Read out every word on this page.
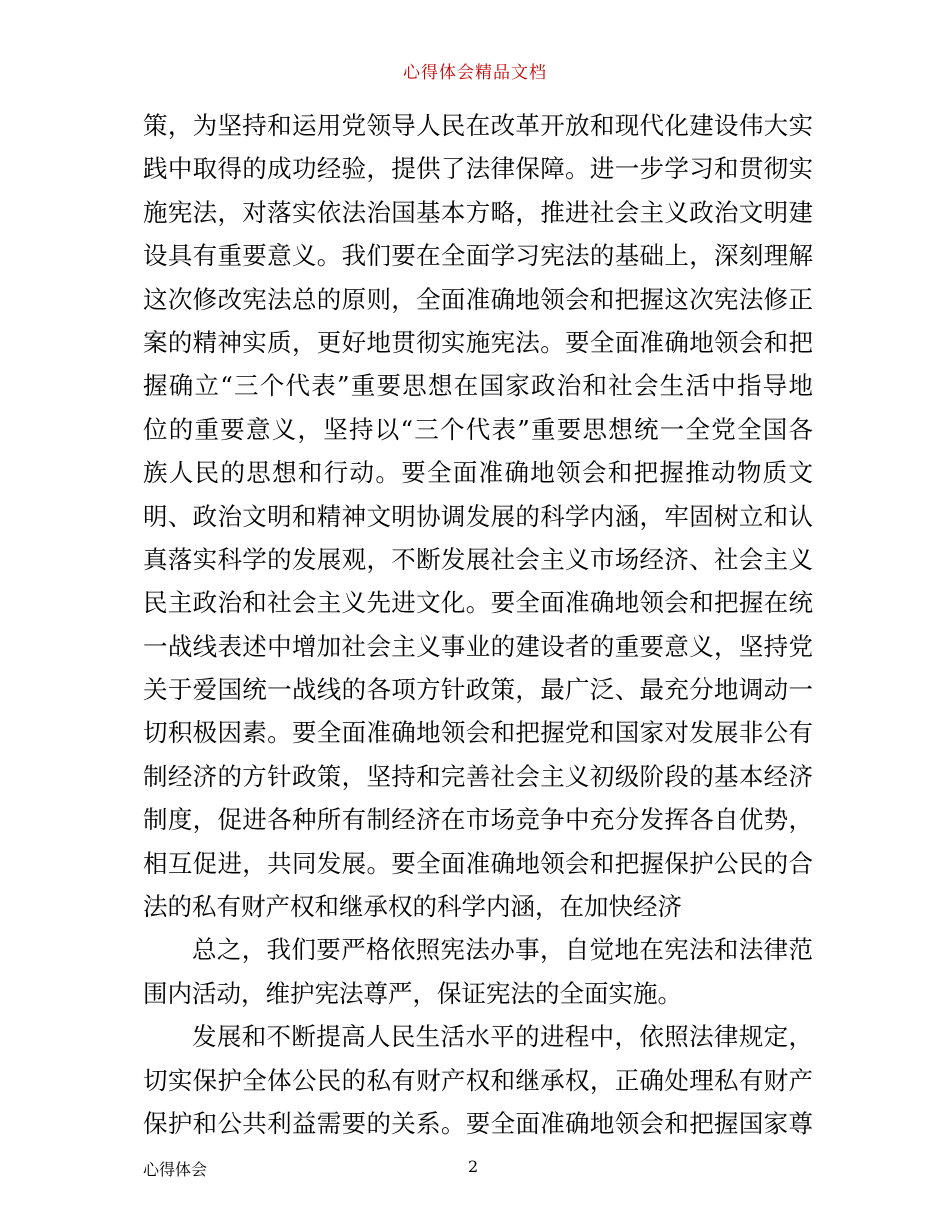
心得体会精品文档
策，为坚持和运用党领导人民在改革开放和现代化建设伟大实
践中取得的成功经验，提供了法律保障。进一步学习和贯彻实
施宪法，对落实依法治国基本方略，推进社会主义政治文明建
设具有重要意义。我们要在全面学习宪法的基础上，深刻理解
这次修改宪法总的原则，全面准确地领会和把握这次宪法修正
案的精神实质，更好地贯彻实施宪法。要全面准确地领会和把
握确立“三个代表”重要思想在国家政治和社会生活中指导地
位的重要意义，坚持以“三个代表”重要思想统一全党全国各
族人民的思想和行动。要全面准确地领会和把握推动物质文
明、政治文明和精神文明协调发展的科学内涵，牢固树立和认
真落实科学的发展观，不断发展社会主义市场经济、社会主义
民主政治和社会主义先进文化。要全面准确地领会和把握在统
一战线表述中增加社会主义事业的建设者的重要意义，坚持党
关于爱国统一战线的各项方针政策，最广泛、最充分地调动一
切积极因素。要全面准确地领会和把握党和国家对发展非公有
制经济的方针政策，坚持和完善社会主义初级阶段的基本经济
制度，促进各种所有制经济在市场竞争中充分发挥各自优势，
相互促进，共同发展。要全面准确地领会和把握保护公民的合
法的私有财产权和继承权的科学内涵，在加快经济
总之，我们要严格依照宪法办事，自觉地在宪法和法律范
围内活动，维护宪法尊严，保证宪法的全面实施。
发展和不断提高人民生活水平的进程中，依照法律规定，
切实保护全体公民的私有财产权和继承权，正确处理私有财产
保护和公共利益需要的关系。要全面准确地领会和把握国家尊
心得体会	2
